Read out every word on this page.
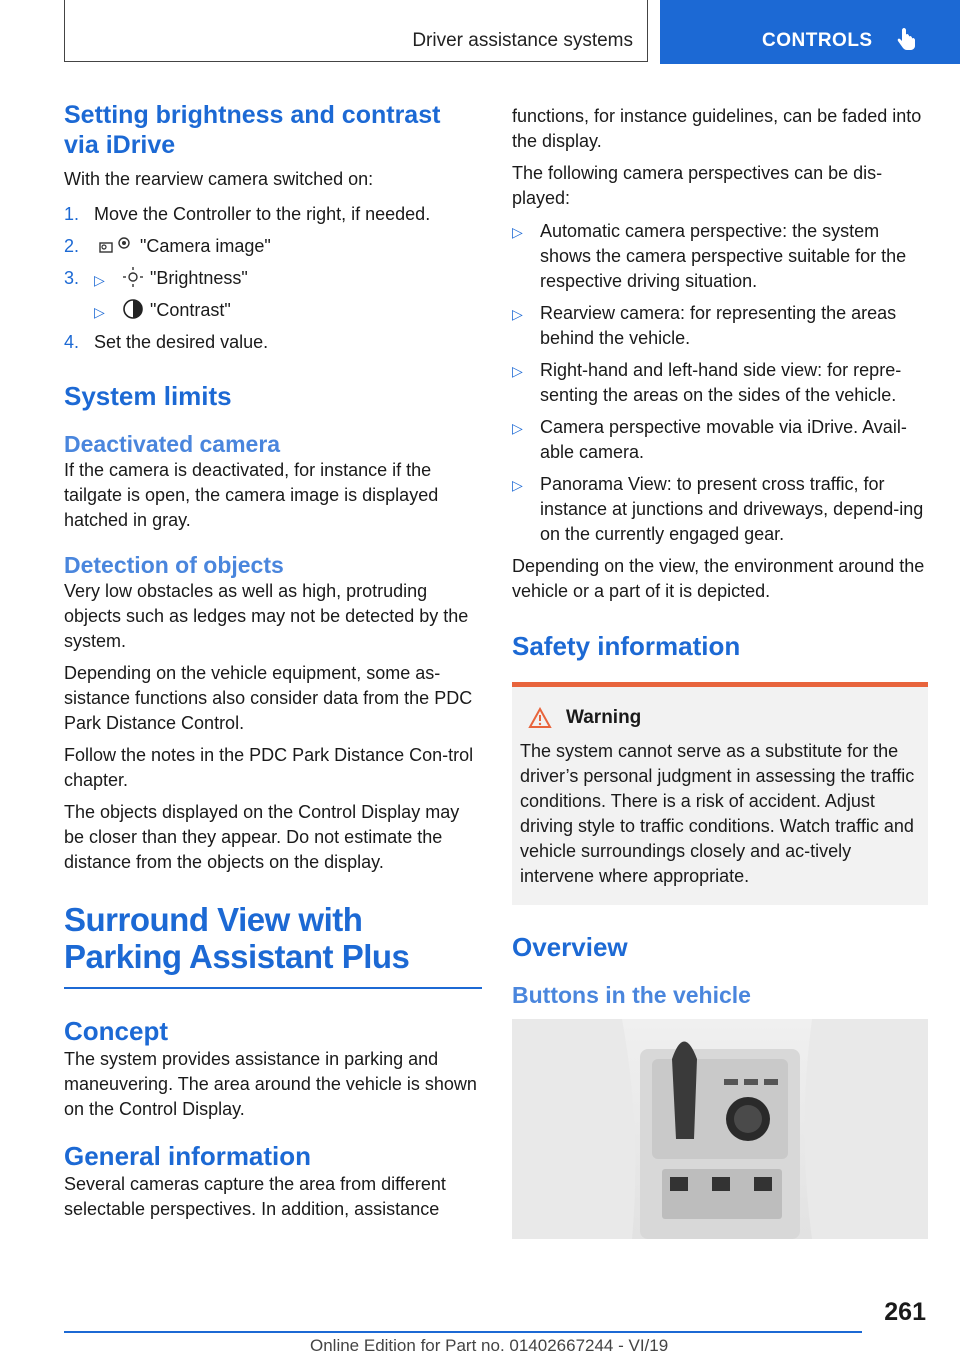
Driver assistance systems	CONTROLS
Setting brightness and contrast via iDrive

With the rearview camera switched on:

1. Move the Controller to the right, if needed.
2.	"Camera image"
3. ▷	"Brightness"
▷	"Contrast"
4. Set the desired value.
System limits
Deactivated camera

If the camera is deactivated, for instance if the tailgate is open, the camera image is displayed hatched in gray.

Detection of objects

Very low obstacles as well as high, protruding objects such as ledges may not be detected by the system.

Depending on the vehicle equipment, some as-sistance functions also consider data from the PDC Park Distance Control.

Follow the notes in the PDC Park Distance Con-trol chapter.

The objects displayed on the Control Display may be closer than they appear. Do not estimate the distance from the objects on the display.

Surround View with Parking Assistant Plus
Concept

The system provides assistance in parking and maneuvering. The area around the vehicle is shown on the Control Display.

General information

Several cameras capture the area from different selectable perspectives. In addition, assistance

functions, for instance guidelines, can be faded into the display.

The following camera perspectives can be dis-played:

▷ Automatic camera perspective: the system shows the camera perspective suitable for the respective driving situation.
▷ Rearview camera: for representing the areas behind the vehicle.
▷ Right-hand and left-hand side view: for repre-senting the areas on the sides of the vehicle.
▷ Camera perspective movable via iDrive. Avail-able camera.
▷ Panorama View: to present cross traffic, for instance at junctions and driveways, depend-ing on the currently engaged gear.

Depending on the view, the environment around the vehicle or a part of it is depicted.

Safety information
Warning

The system cannot serve as a substitute for the driver’s personal judgment in assessing the traffic conditions. There is a risk of accident. Adjust driving style to traffic conditions. Watch traffic and vehicle surroundings closely and ac-tively intervene where appropriate.

Overview
Buttons in the vehicle
261
Online Edition for Part no. 01402667244 - VI/19
